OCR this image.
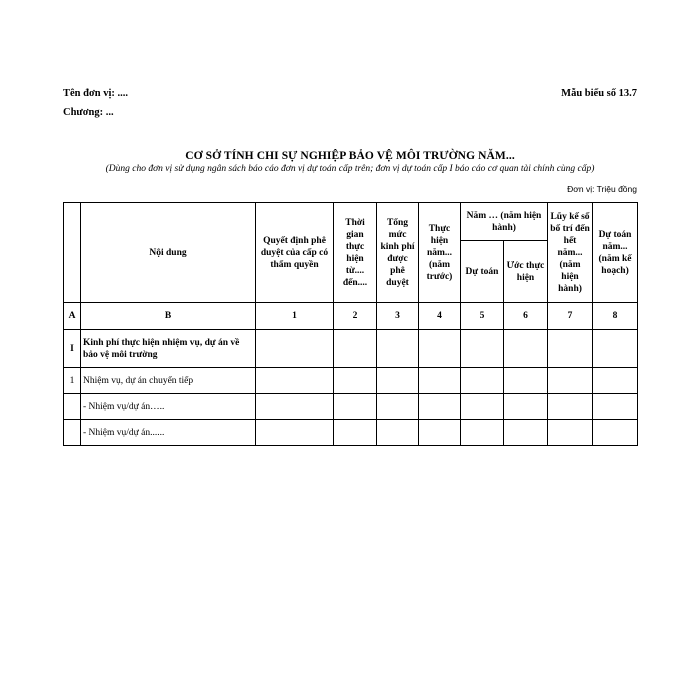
Tên đơn vị: ....	Mẫu biểu số 13.7
Chương: ...
CƠ SỞ TÍNH CHI SỰ NGHIỆP BẢO VỆ MÔI TRƯỜNG NĂM...
(Dùng cho đơn vị sử dụng ngân sách báo cáo đơn vị dự toán cấp trên; đơn vị dự toán cấp I báo cáo cơ quan tài chính cùng cấp)
Đơn vị: Triệu đồng
	Nội dung	Quyết định phê duyệt của cấp có thẩm quyền	Thời gian thực hiện từ.... đến....	Tổng mức kinh phí được phê duyệt	Thực hiện năm... (năm trước)	Năm … (năm hiện hành)		Lũy kế số bố trí đến hết năm... (năm hiện hành)	Dự toán năm... (năm kế hoạch)
						Dự toán	Ước thực hiện		
A	B	1	2	3	4	5	6	7	8
I	Kinh phí thực hiện nhiệm vụ, dự án về bảo vệ môi trường								
1	Nhiệm vụ, dự án chuyển tiếp								
	- Nhiệm vụ/dự án…..								
	- Nhiệm vụ/dự án......								
